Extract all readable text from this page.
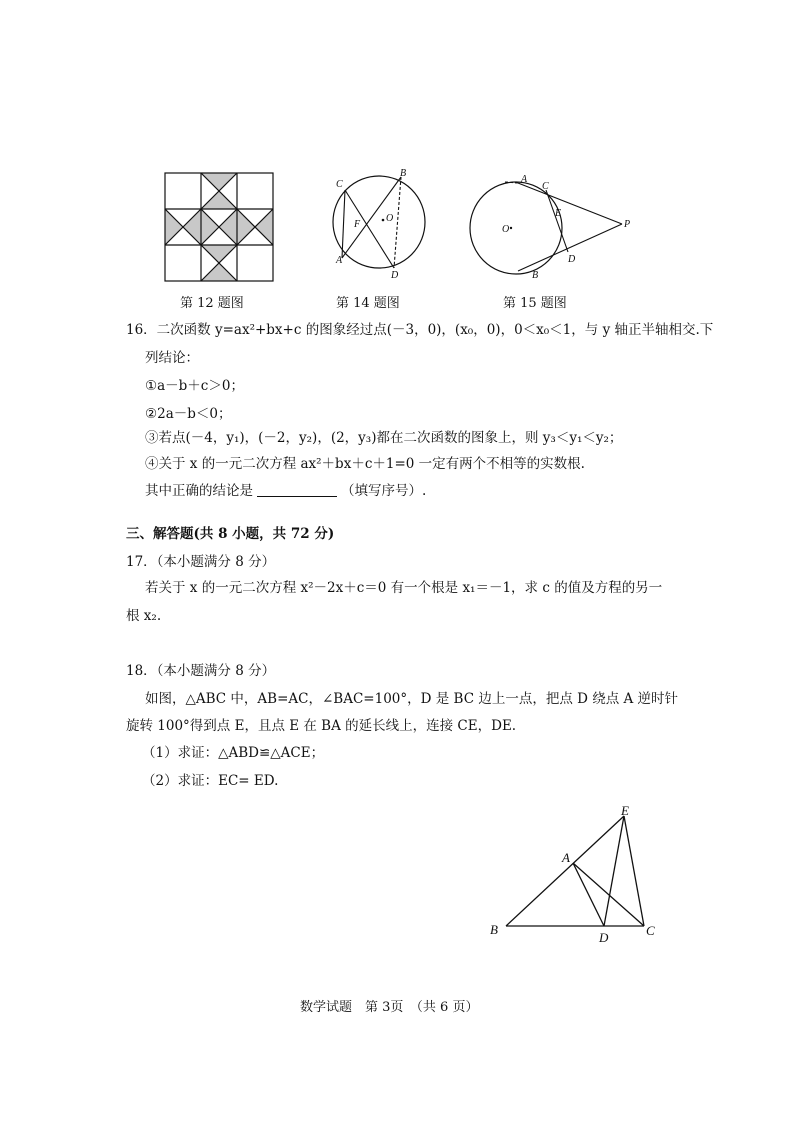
第 12 题图
C
B
F
O
A
D
第 14 题图
A
C
E
P
O
D
B
第 15 题图
16．二次函数 y=ax²+bx+c 的图象经过点(－3，0)，(x₀，0)，0＜x₀＜1，与 y 轴正半轴相交.下
列结论：
①a－b＋c＞0；
②2a－b＜0；
③若点(－4，y₁)，(－2，y₂)，(2，y₃)都在二次函数的图象上，则 y₃＜y₁＜y₂；
④关于 x 的一元二次方程 ax²＋bx＋c＋1=0 一定有两个不相等的实数根.
其中正确的结论是	（填写序号）.
三、解答题(共 8 小题，共 72 分)
17．（本小题满分 8 分）
若关于 x 的一元二次方程 x²－2x＋c＝0 有一个根是 x₁＝－1，求 c 的值及方程的另一
根 x₂.
18．（本小题满分 8 分）
如图，△ABC 中，AB=AC，∠BAC=100°，D 是 BC 边上一点，把点 D 绕点 A 逆时针
旋转 100°得到点 E，且点 E 在 BA 的延长线上，连接 CE，DE.
（1）求证：△ABD≌△ACE；
（2）求证：EC= ED.
E
A
B
D	C
数学试题　第 3页　（共 6 页）
